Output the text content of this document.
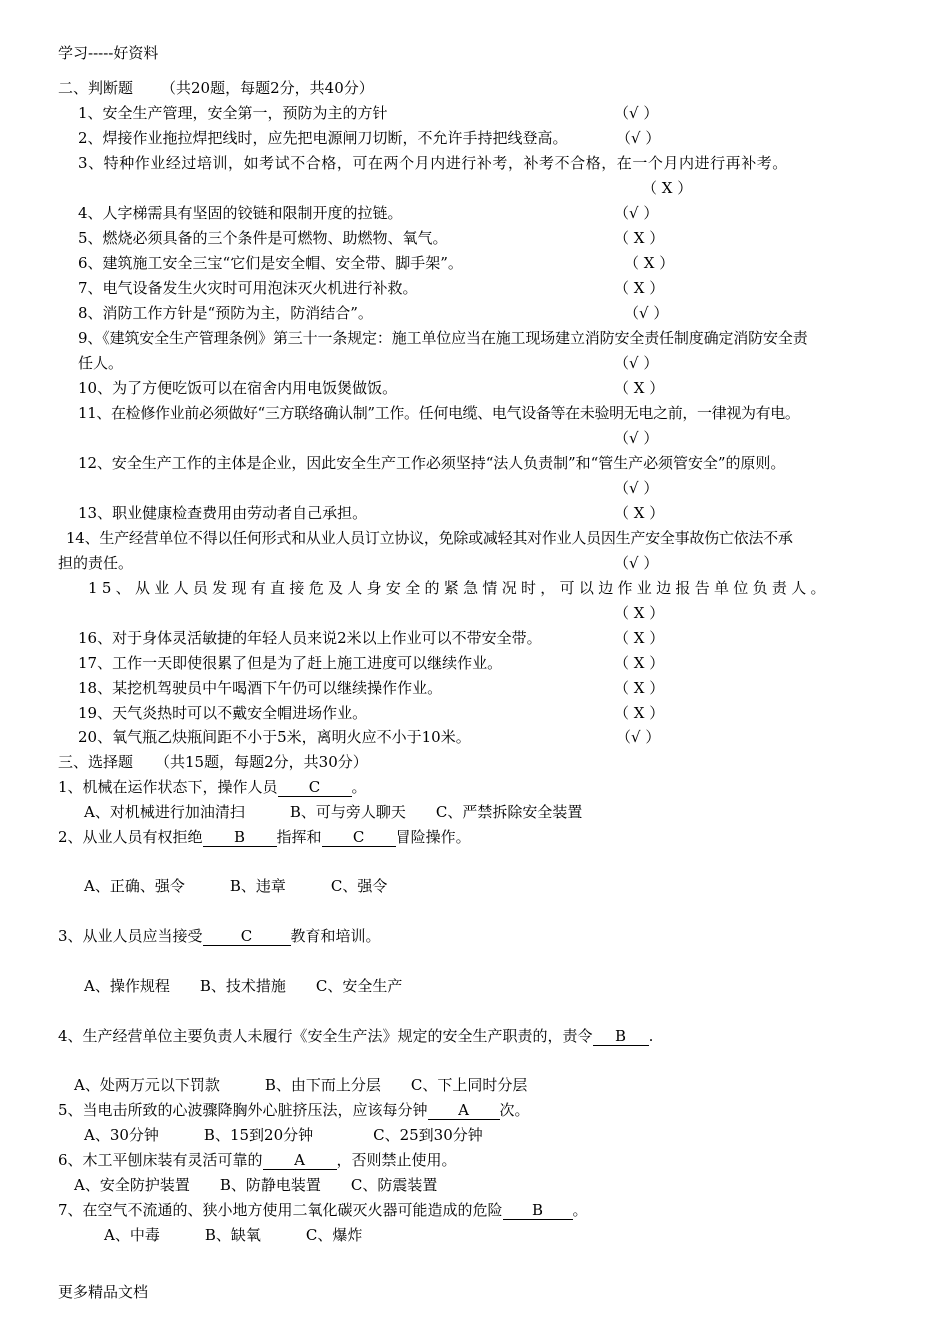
学习-----好资料
二、判断题 （共20题，每题2分，共40分）
1、安全生产管理，安全第一，预防为主的方针	（√ ）
2、焊接作业拖拉焊把线时，应先把电源闸刀切断，不允许手持把线登高。	（√ ）
3、特种作业经过培训，如考试不合格，可在两个月内进行补考，补考不合格，在一个月内进行再补考。
（ X ）
4、人字梯需具有坚固的铰链和限制开度的拉链。	（√ ）
5、燃烧必须具备的三个条件是可燃物、助燃物、氧气。	（ X ）
6、建筑施工安全三宝“它们是安全帽、安全带、脚手架”。	（ X ）
7、电气设备发生火灾时可用泡沫灭火机进行补救。	（ X ）
8、消防工作方针是“预防为主，防消结合”。	（√ ）
9、《建筑安全生产管理条例》第三十一条规定：施工单位应当在施工现场建立消防安全责任制度确定消防安全责
任人。	（√ ）
10、为了方便吃饭可以在宿舍内用电饭煲做饭。	（ X ）
11、在检修作业前必须做好“三方联络确认制”工作。任何电缆、电气设备等在未验明无电之前，一律视为有电。
（√ ）
12、安全生产工作的主体是企业，因此安全生产工作必须坚持“法人负责制”和“管生产必须管安全”的原则。
（√ ）
13、职业健康检查费用由劳动者自己承担。	（ X ）
14、生产经营单位不得以任何形式和从业人员订立协议，免除或减轻其对作业人员因生产安全事故伤亡依法不承
担的责任。	（√ ）
15、从业人员发现有直接危及人身安全的紧急情况时，可以边作业边报告单位负责人。
（ X ）
16、对于身体灵活敏捷的年轻人员来说2米以上作业可以不带安全带。	（ X ）
17、工作一天即使很累了但是为了赶上施工进度可以继续作业。	（ X ）
18、某挖机驾驶员中午喝酒下午仍可以继续操作作业。	（ X ）
19、天气炎热时可以不戴安全帽进场作业。	（ X ）
20、氧气瓶乙炔瓶间距不小于5米，离明火应不小于10米。	（√ ）
三、选择题 （共15题，每题2分，共30分）
1、机械在运作状态下，操作人员 C 。
A、对机械进行加油清扫　　　B、可与旁人聊天　　C、严禁拆除安全装置
2、从业人员有权拒绝 B 指挥和 C 冒险操作。
A、正确、强令　　　B、违章　　　C、强令
3、从业人员应当接受	C	教育和培训。
A、操作规程　　B、技术措施　　C、安全生产
4、生产经营单位主要负责人未履行《安全生产法》规定的安全生产职责的，责令 B .
A、处两万元以下罚款　　　B、由下而上分层　　C、下上同时分层
5、当电击所致的心波骤降胸外心脏挤压法，应该每分钟 A 次。
A、30分钟　　　B、15到20分钟　　　　C、25到30分钟
6、木工平刨床装有灵活可靠的 A ，否则禁止使用。
A、安全防护装置　　B、防静电装置　　C、防震装置
7、在空气不流通的、狭小地方使用二氧化碳灭火器可能造成的危险 B 。
A、中毒　　　B、缺氧　　　C、爆炸
更多精品文档
